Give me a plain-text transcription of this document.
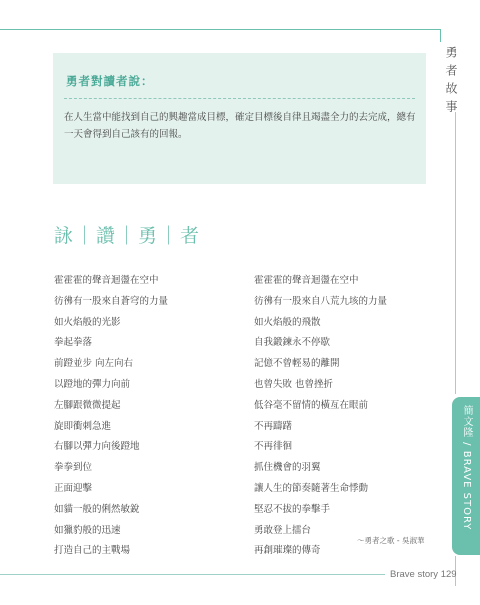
勇者故事
簡文隆 / BRAVE STORY
勇者對讀者說：
在人生當中能找到自己的興趣當成目標，確定目標後自律且竭盡全力的去完成，總有一天會得到自己該有的回報。
詠｜讚｜勇｜者
霍霍霍的聲音迴盪在空中
彷彿有一股來自蒼穹的力量
如火焰般的光影
拳起拳落
前蹬並步 向左向右
以蹬地的彈力向前
左腳跟微微提起
旋即衝刺急進
右腳以彈力向後蹬地
拳拳到位
正面迎擊
如貓一般的俐然敏銳
如獵豹般的迅速
打造自己的主戰場
霍霍霍的聲音迴盪在空中
彷彿有一股來自八荒九垓的力量
如火焰般的飛散
自我鍛鍊永不停歇
記億不曾輕易的離開
也曾失敗 也曾挫折
低谷毫不留情的橫亙在眼前
不再躊躇
不再徘徊
抓住機會的羽翼
讓人生的節奏隨著生命悸動
堅忍不拔的拳擊手
勇敢登上擂台
再創璀璨的傳奇
～勇者之歌 - 吳淑華
Brave story 129
